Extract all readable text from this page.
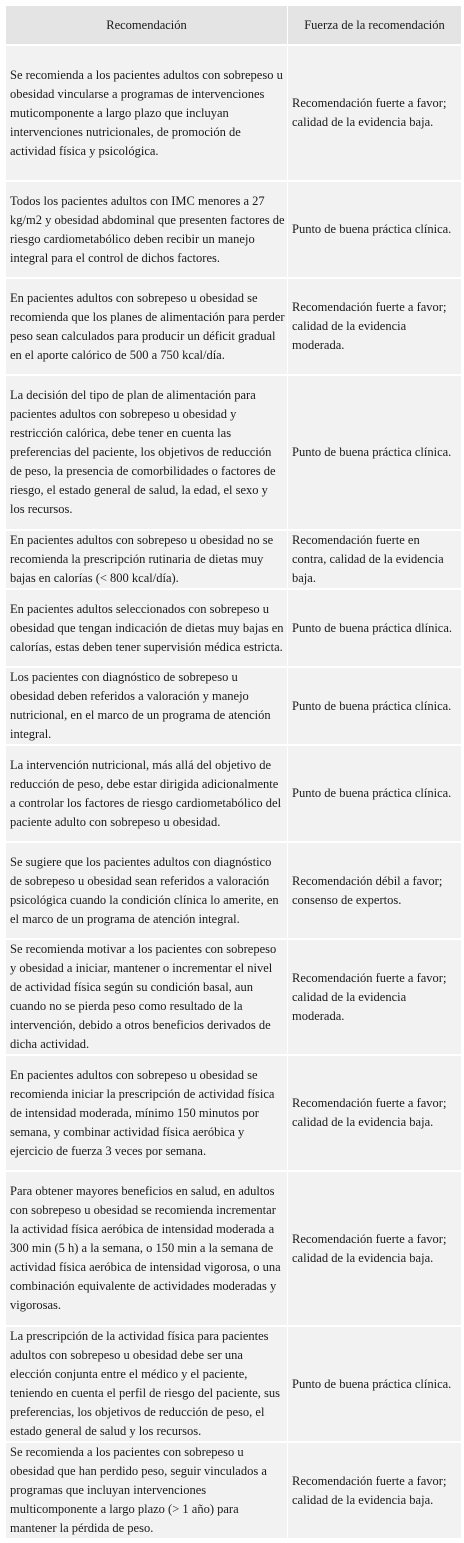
Recomendación	Fuerza de la recomendación
Se recomienda a los pacientes adultos con sobrepeso u obesidad vincularse a programas de intervenciones muticomponente a largo plazo que incluyan intervenciones nutricionales, de promoción de actividad física y psicológica.	Recomendación fuerte a favor; calidad de la evidencia baja.
Todos los pacientes adultos con IMC menores a 27 kg/m2 y obesidad abdominal que presenten factores de riesgo cardiometabólico deben recibir un manejo integral para el control de dichos factores.	Punto de buena práctica clínica.
En pacientes adultos con sobrepeso u obesidad se recomienda que los planes de alimentación para perder peso sean calculados para producir un déficit gradual en el aporte calórico de 500 a 750 kcal/día.	Recomendación fuerte a favor; calidad de la evidencia moderada.
La decisión del tipo de plan de alimentación para pacientes adultos con sobrepeso u obesidad y restricción calórica, debe tener en cuenta las preferencias del paciente, los objetivos de reducción de peso, la presencia de comorbilidades o factores de riesgo, el estado general de salud, la edad, el sexo y los recursos.	Punto de buena práctica clínica.
En pacientes adultos con sobrepeso u obesidad no se recomienda la prescripción rutinaria de dietas muy bajas en calorías (< 800 kcal/día).	Recomendación fuerte en contra, calidad de la evidencia baja.
En pacientes adultos seleccionados con sobrepeso u obesidad que tengan indicación de dietas muy bajas en calorías, estas deben tener supervisión médica estricta.	Punto de buena práctica dlínica.
Los pacientes con diagnóstico de sobrepeso u obesidad deben referidos a valoración y manejo nutricional, en el marco de un programa de atención integral.	Punto de buena práctica clínica.
La intervención nutricional, más allá del objetivo de reducción de peso, debe estar dirigida adicionalmente a controlar los factores de riesgo cardiometabólico del paciente adulto con sobrepeso u obesidad.	Punto de buena práctica clínica.
Se sugiere que los pacientes adultos con diagnóstico de sobrepeso u obesidad sean referidos a valoración psicológica cuando la condición clínica lo amerite, en el marco de un programa de atención integral.	Recomendación débil a favor; consenso de expertos.
Se recomienda motivar a los pacientes con sobrepeso y obesidad a iniciar, mantener o incrementar el nivel de actividad física según su condición basal, aun cuando no se pierda peso como resultado de la intervención, debido a otros beneficios derivados de dicha actividad.	Recomendación fuerte a favor; calidad de la evidencia moderada.
En pacientes adultos con sobrepeso u obesidad se recomienda iniciar la prescripción de actividad física de intensidad moderada, mínimo 150 minutos por semana, y combinar actividad física aeróbica y ejercicio de fuerza 3 veces por semana.	Recomendación fuerte a favor; calidad de la evidencia baja.
Para obtener mayores beneficios en salud, en adultos con sobrepeso u obesidad se recomienda incrementar la actividad física aeróbica de intensidad moderada a 300 min (5 h) a la semana, o 150 min a la semana de actividad física aeróbica de intensidad vigorosa, o una combinación equivalente de actividades moderadas y vigorosas.	Recomendación fuerte a favor; calidad de la evidencia baja.
La prescripción de la actividad física para pacientes adultos con sobrepeso u obesidad debe ser una elección conjunta entre el médico y el paciente, teniendo en cuenta el perfil de riesgo del paciente, sus preferencias, los objetivos de reducción de peso, el estado general de salud y los recursos.	Punto de buena práctica clínica.
Se recomienda a los pacientes con sobrepeso u obesidad que han perdido peso, seguir vinculados a programas que incluyan intervenciones multicomponente a largo plazo (> 1 año) para mantener la pérdida de peso.	Recomendación fuerte a favor; calidad de la evidencia baja.
